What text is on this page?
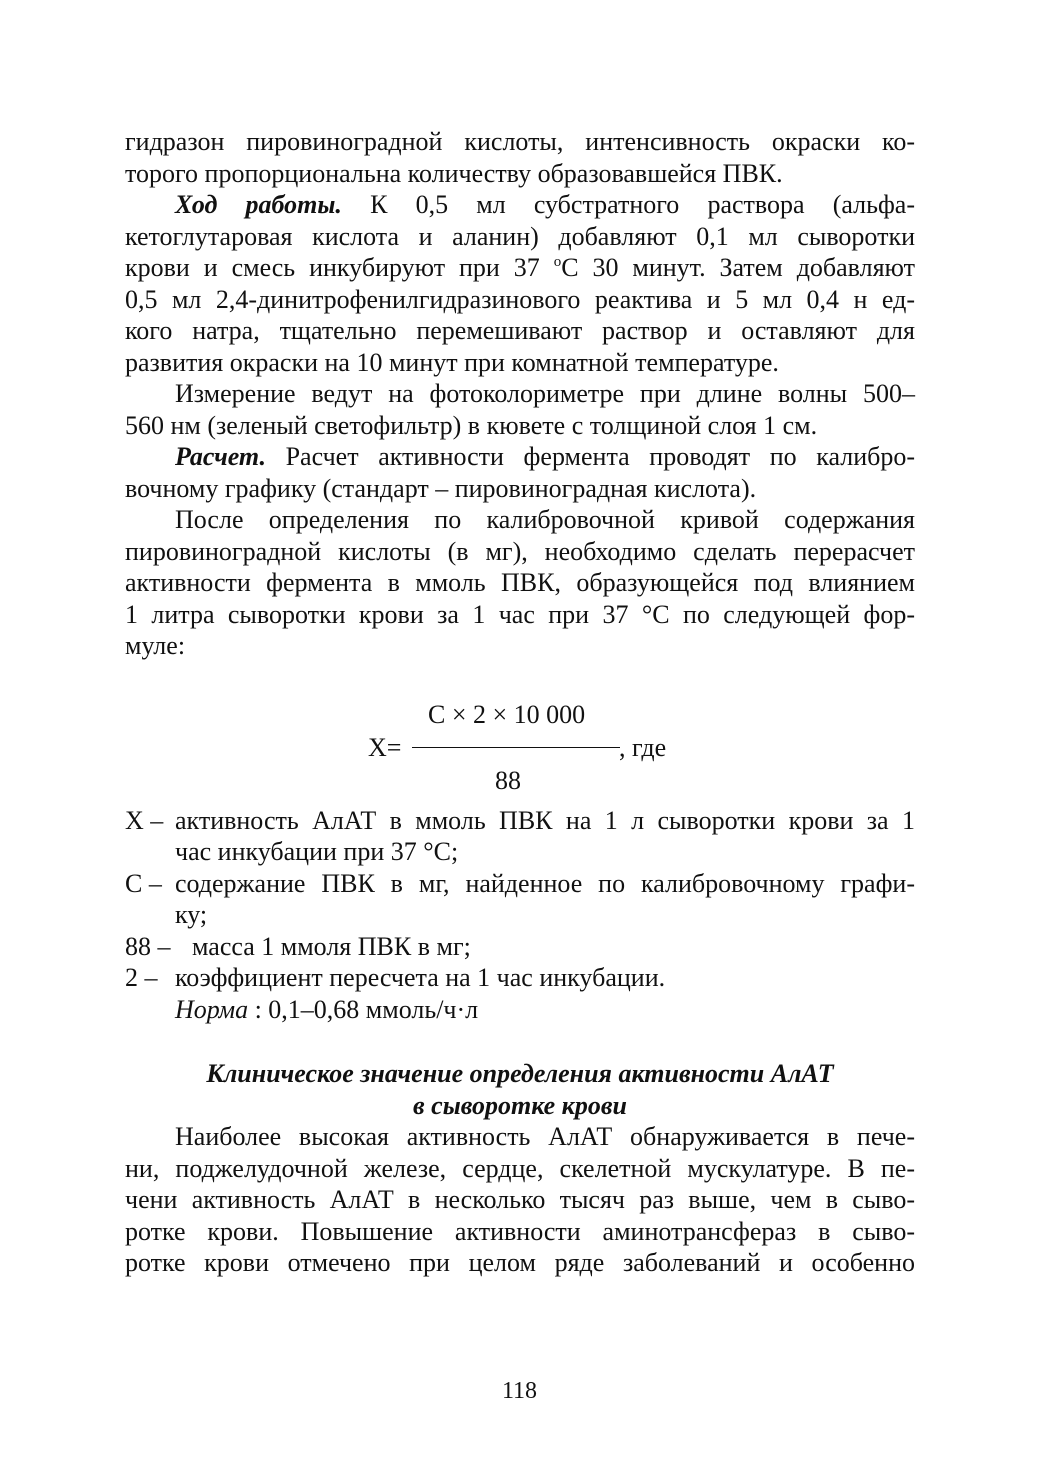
гидразон пировиноградной кислоты, интенсивность окраски ко-
торого пропорциональна количеству образовавшейся ПВК.
Ход работы. К 0,5 мл субстратного раствора (альфа-
кетоглутаровая кислота и аланин) добавляют 0,1 мл сыворотки
крови и смесь инкубируют при 37 $^o$С 30 минут. Затем добавляют
0,5 мл 2,4-динитрофенилгидразинового реактива и 5 мл 0,4 н ед-
кого натра, тщательно перемешивают раствор и оставляют для
развития окраски на 10 минут при комнатной температуре.
Измерение ведут на фотоколориметре при длине волны 500–
560 нм (зеленый светофильтр) в кювете с толщиной слоя 1 см.
Расчет. Расчет активности фермента проводят по калибро-
вочному графику (стандарт – пировиноградная кислота).
После определения по калибровочной кривой содержания
пировиноградной кислоты (в мг), необходимо сделать перерасчет
активности фермента в ммоль ПВК, образующейся под влиянием
1 литра сыворотки крови за 1 час при 37 °С по следующей фор-
муле:
С × 2 × 10 000
Х=	, где
88
Х – активность АлАТ в ммоль ПВК на 1 л сыворотки крови за 1
час инкубации при 37 °С;
С – содержание ПВК в мг, найденное по калибровочному графи-
ку;
88 – масса 1 ммоля ПВК в мг;
2 – коэффициент пересчета на 1 час инкубации.
Норма : 0,1–0,68 ммоль/ч·л
Клиническое значение определения активности АлАТ
в сыворотке крови
Наиболее высокая активность АлАТ обнаруживается в пече-
ни, поджелудочной железе, сердце, скелетной мускулатуре. В пе-
чени активность АлАТ в несколько тысяч раз выше, чем в сыво-
ротке крови. Повышение активности аминотрансфераз в сыво-
ротке крови отмечено при целом ряде заболеваний и особенно
118
